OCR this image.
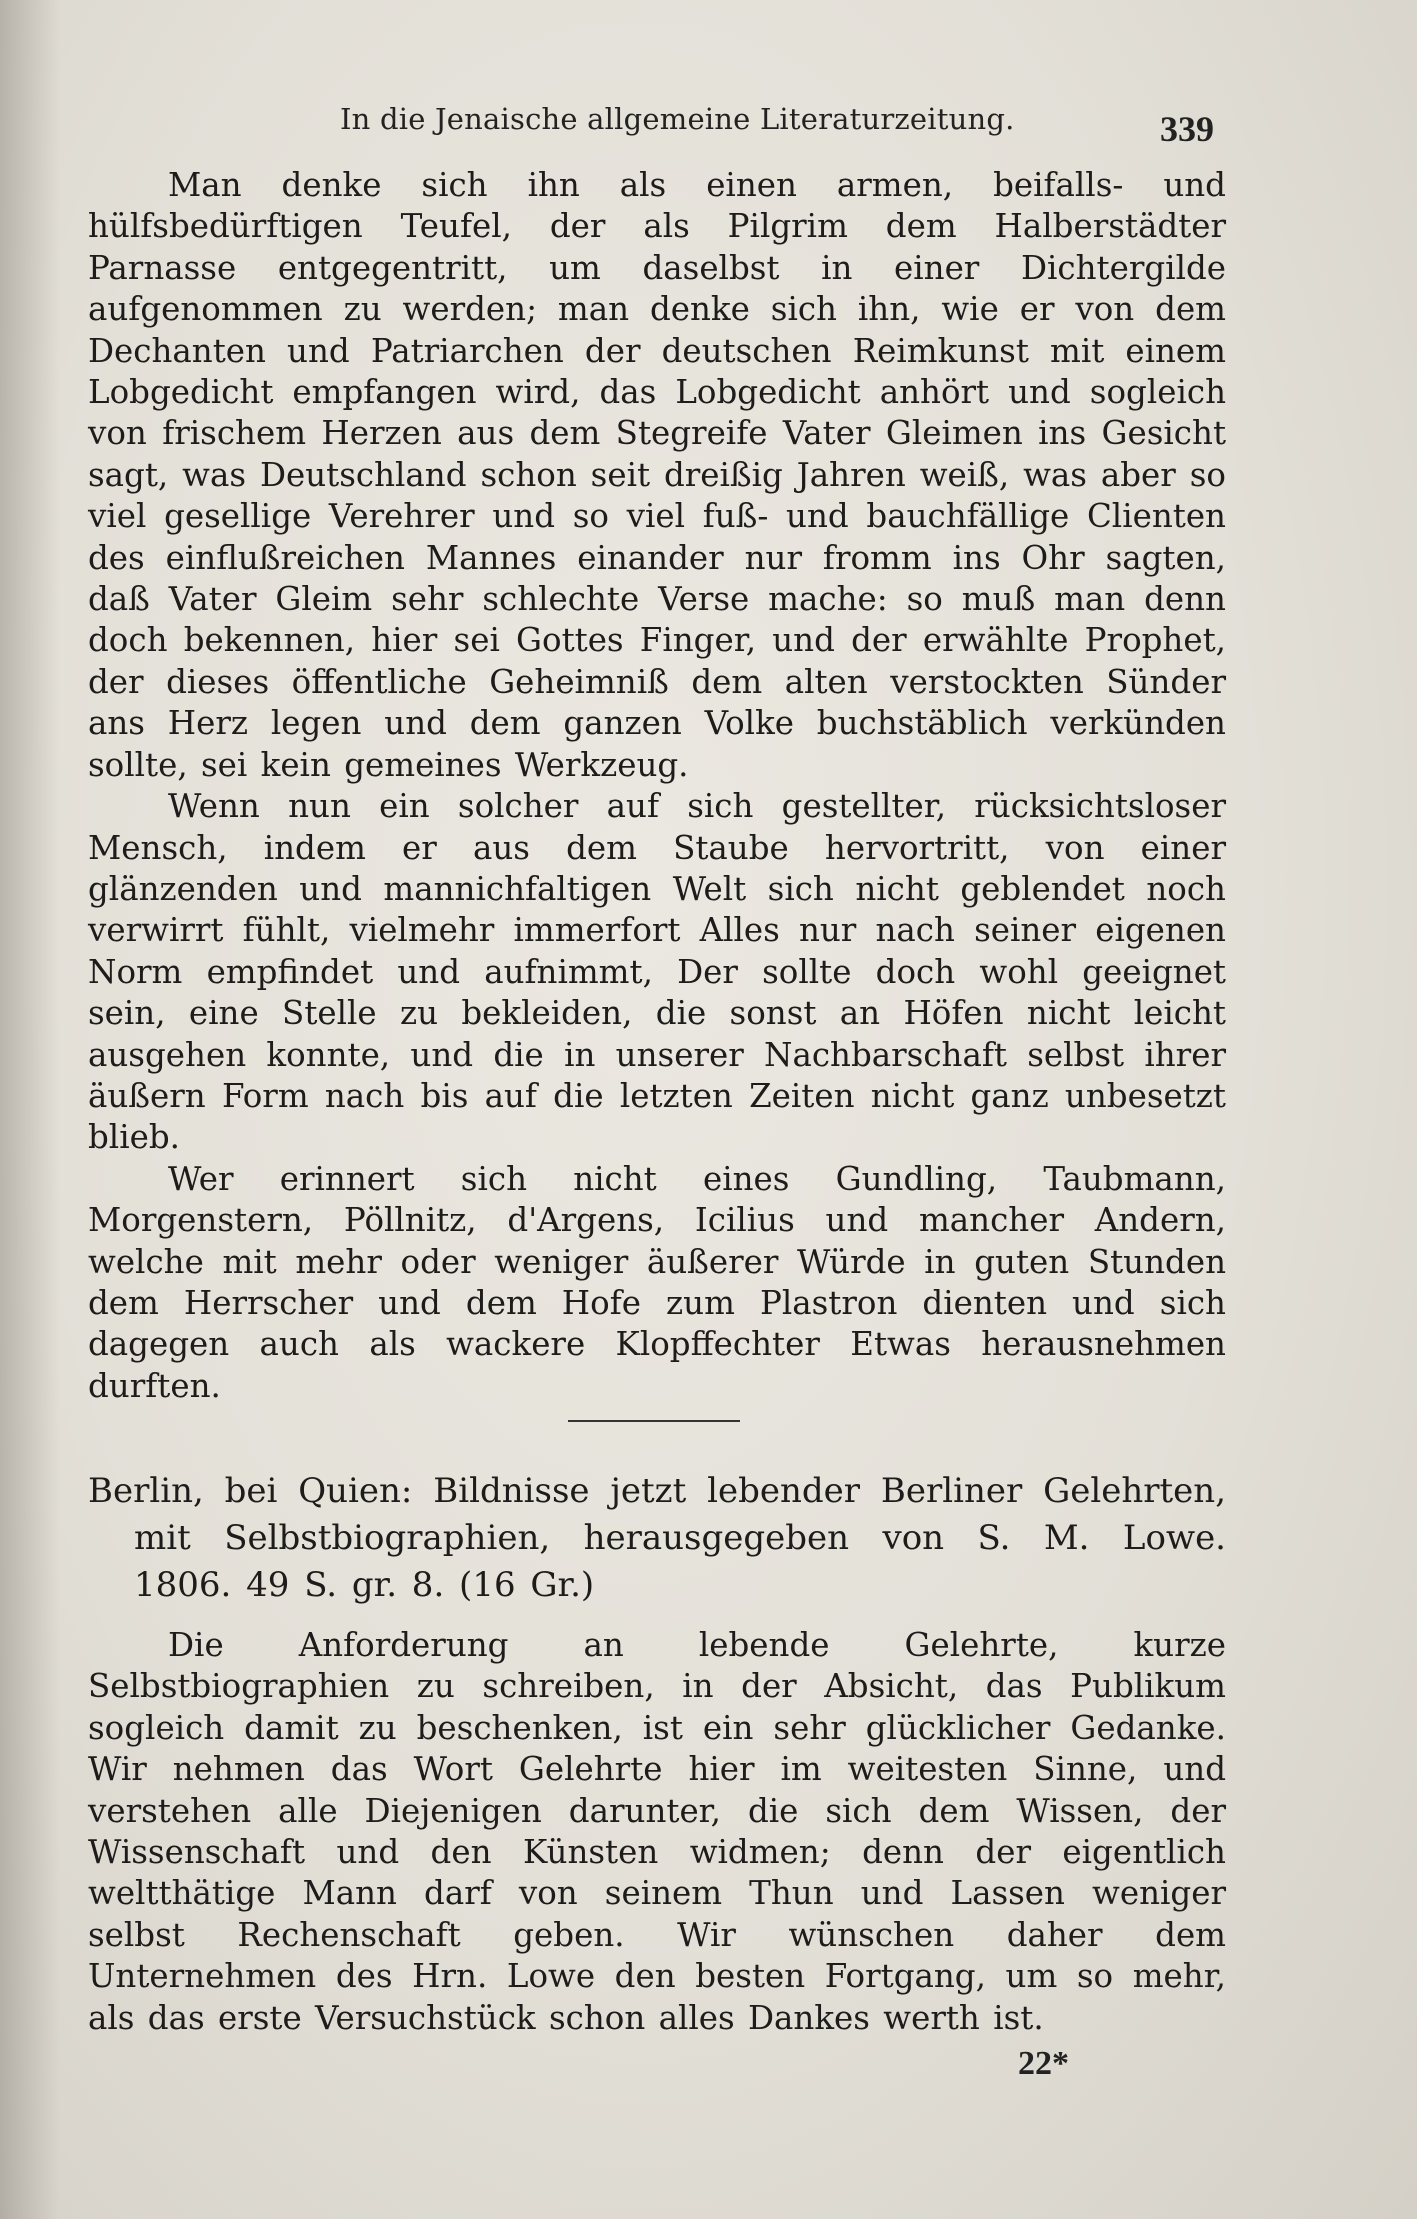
In die Jenaische allgemeine Literaturzeitung.	339

Man denke sich ihn als einen armen, beifalls- und hülfsbedürftigen Teufel, der als Pilgrim dem Halberstädter Parnasse entgegentritt, um daselbst in einer Dichtergilde aufgenommen zu werden; man denke sich ihn, wie er von dem Dechanten und Patriarchen der deutschen Reimkunst mit einem Lobgedicht empfangen wird, das Lobgedicht anhört und sogleich von frischem Herzen aus dem Stegreife Vater Gleimen ins Gesicht sagt, was Deutschland schon seit dreißig Jahren weiß, was aber so viel gesellige Verehrer und so viel fuß- und bauchfällige Clienten des einflußreichen Mannes einander nur fromm ins Ohr sagten, daß Vater Gleim sehr schlechte Verse mache: so muß man denn doch bekennen, hier sei Gottes Finger, und der erwählte Prophet, der dieses öffentliche Geheimniß dem alten verstockten Sünder ans Herz legen und dem ganzen Volke buchstäblich verkünden sollte, sei kein gemeines Werkzeug.

Wenn nun ein solcher auf sich gestellter, rücksichtsloser Mensch, indem er aus dem Staube hervortritt, von einer glänzenden und mannichfaltigen Welt sich nicht geblendet noch verwirrt fühlt, vielmehr immerfort Alles nur nach seiner eigenen Norm empfindet und aufnimmt, Der sollte doch wohl geeignet sein, eine Stelle zu bekleiden, die sonst an Höfen nicht leicht ausgehen konnte, und die in unserer Nachbarschaft selbst ihrer äußern Form nach bis auf die letzten Zeiten nicht ganz unbesetzt blieb.

Wer erinnert sich nicht eines Gundling, Taubmann, Morgenstern, Pöllnitz, d'Argens, Icilius und mancher Andern, welche mit mehr oder weniger äußerer Würde in guten Stunden dem Herrscher und dem Hofe zum Plastron dienten und sich dagegen auch als wackere Klopffechter Etwas herausnehmen durften.

Berlin, bei Quien: Bildnisse jetzt lebender Berliner Gelehrten, mit Selbstbiographien, herausgegeben von S. M. Lowe. 1806. 49 S. gr. 8. (16 Gr.)

Die Anforderung an lebende Gelehrte, kurze Selbstbiographien zu schreiben, in der Absicht, das Publikum sogleich damit zu beschenken, ist ein sehr glücklicher Gedanke. Wir nehmen das Wort Gelehrte hier im weitesten Sinne, und verstehen alle Diejenigen darunter, die sich dem Wissen, der Wissenschaft und den Künsten widmen; denn der eigentlich weltthätige Mann darf von seinem Thun und Lassen weniger selbst Rechenschaft geben. Wir wünschen daher dem Unternehmen des Hrn. Lowe den besten Fortgang, um so mehr, als das erste Versuchstück schon alles Dankes werth ist.

22*
